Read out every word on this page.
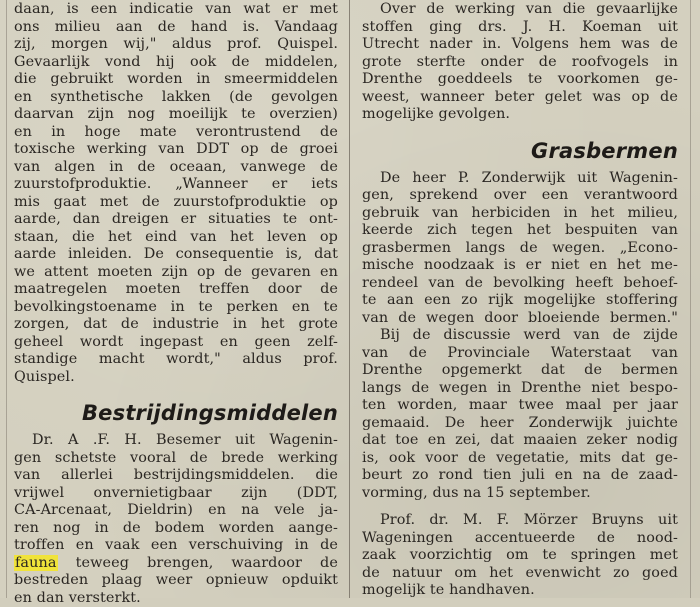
daan, is een indicatie van wat er met
ons milieu aan de hand is. Vandaag
zij, morgen wij," aldus prof. Quispel.
Gevaarlijk vond hij ook de middelen,
die gebruikt worden in smeermiddelen
en synthetische lakken (de gevolgen
daarvan zijn nog moeilijk te overzien)
en in hoge mate verontrustend de
toxische werking van DDT op de groei
van algen in de oceaan, vanwege de
zuurstofproduktie. „Wanneer er iets
mis gaat met de zuurstofproduktie op
aarde, dan dreigen er situaties te ont-
staan, die het eind van het leven op
aarde inleiden. De consequentie is, dat
we attent moeten zijn op de gevaren en
maatregelen moeten treffen door de
bevolkingstoename in te perken en te
zorgen, dat de industrie in het grote
geheel wordt ingepast en geen zelf-
standige macht wordt," aldus prof.
Quispel.
Bestrijdingsmiddelen
Dr. A .F. H. Besemer uit Wagenin-
gen schetste vooral de brede werking
van allerlei bestrijdingsmiddelen. die
vrijwel onvernietigbaar zijn (DDT,
CA-Arcenaat, Dieldrin) en na vele ja-
ren nog in de bodem worden aange-
troffen en vaak een verschuiving in de
fauna teweeg brengen, waardoor de
bestreden plaag weer opnieuw opduikt
en dan versterkt.
Over de werking van die gevaarlijke
stoffen ging drs. J. H. Koeman uit
Utrecht nader in. Volgens hem was de
grote sterfte onder de roofvogels in
Drenthe goeddeels te voorkomen ge-
weest, wanneer beter gelet was op de
mogelijke gevolgen.
Grasbermen
De heer P. Zonderwijk uit Wagenin-
gen, sprekend over een verantwoord
gebruik van herbiciden in het milieu,
keerde zich tegen het bespuiten van
grasbermen langs de wegen. „Econo-
mische noodzaak is er niet en het me-
rendeel van de bevolking heeft behoef-
te aan een zo rijk mogelijke stoffering
van de wegen door bloeiende bermen."
Bij de discussie werd van de zijde
van de Provinciale Waterstaat van
Drenthe opgemerkt dat de bermen
langs de wegen in Drenthe niet bespo-
ten worden, maar twee maal per jaar
gemaaid. De heer Zonderwijk juichte
dat toe en zei, dat maaien zeker nodig
is, ook voor de vegetatie, mits dat ge-
beurt zo rond tien juli en na de zaad-
vorming, dus na 15 september.
Prof. dr. M. F. Mörzer Bruyns uit
Wageningen accentueerde de nood-
zaak voorzichtig om te springen met
de natuur om het evenwicht zo goed
mogelijk te handhaven.
